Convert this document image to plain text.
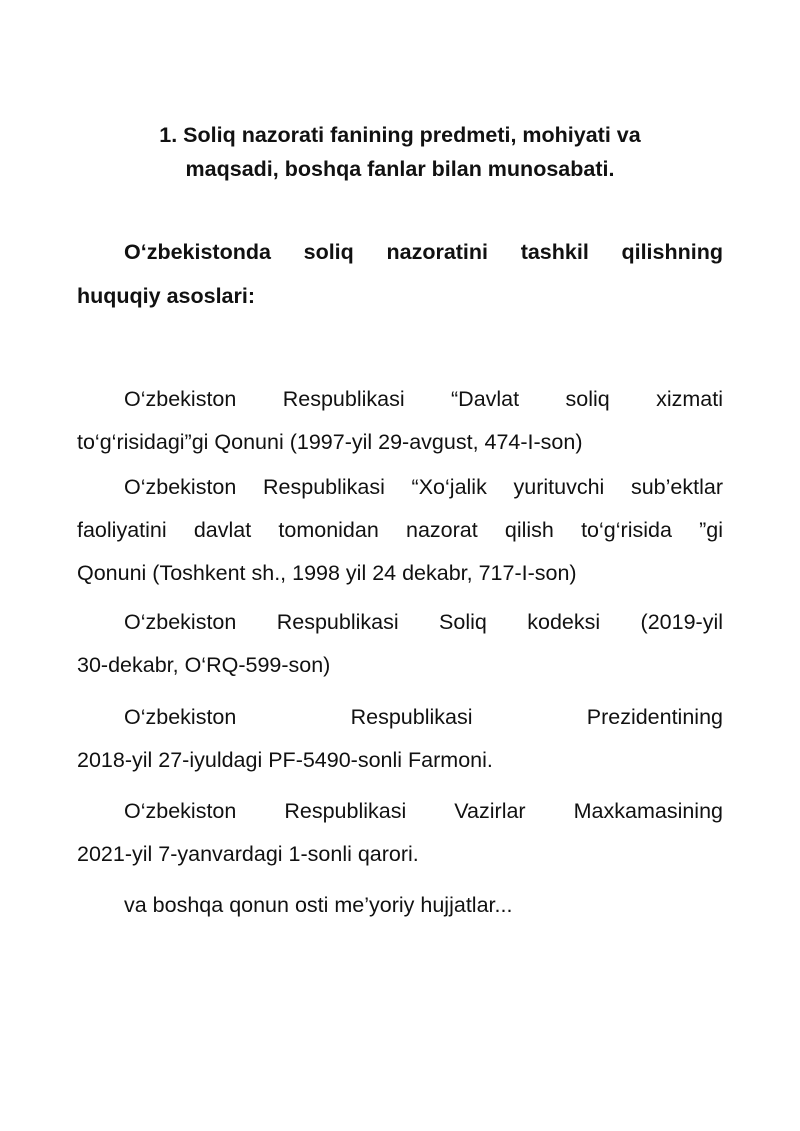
1. Soliq nazorati fanining predmeti, mohiyati va
maqsadi, boshqa fanlar bilan munosabati.

O‘zbekistonda soliq nazoratini tashkil qilishning
huquqiy asoslari:

O‘zbekiston Respublikasi “Davlat soliq xizmati
to‘g‘risidagi”gi Qonuni (1997-yil 29-avgust, 474-I-son)

O‘zbekiston Respublikasi “Xo‘jalik yurituvchi sub’ektlar
faoliyatini davlat tomonidan nazorat qilish to‘g‘risida ”gi
Qonuni (Toshkent sh., 1998 yil 24 dekabr, 717-I-son)

O‘zbekiston Respublikasi Soliq kodeksi (2019-yil
30-dekabr, O‘RQ-599-son)

O‘zbekiston Respublikasi Prezidentining
2018-yil 27-iyuldagi PF-5490-sonli Farmoni.

O‘zbekiston Respublikasi Vazirlar Maxkamasining
2021-yil 7-yanvardagi 1-sonli qarori.

va boshqa qonun osti me’yoriy hujjatlar...
